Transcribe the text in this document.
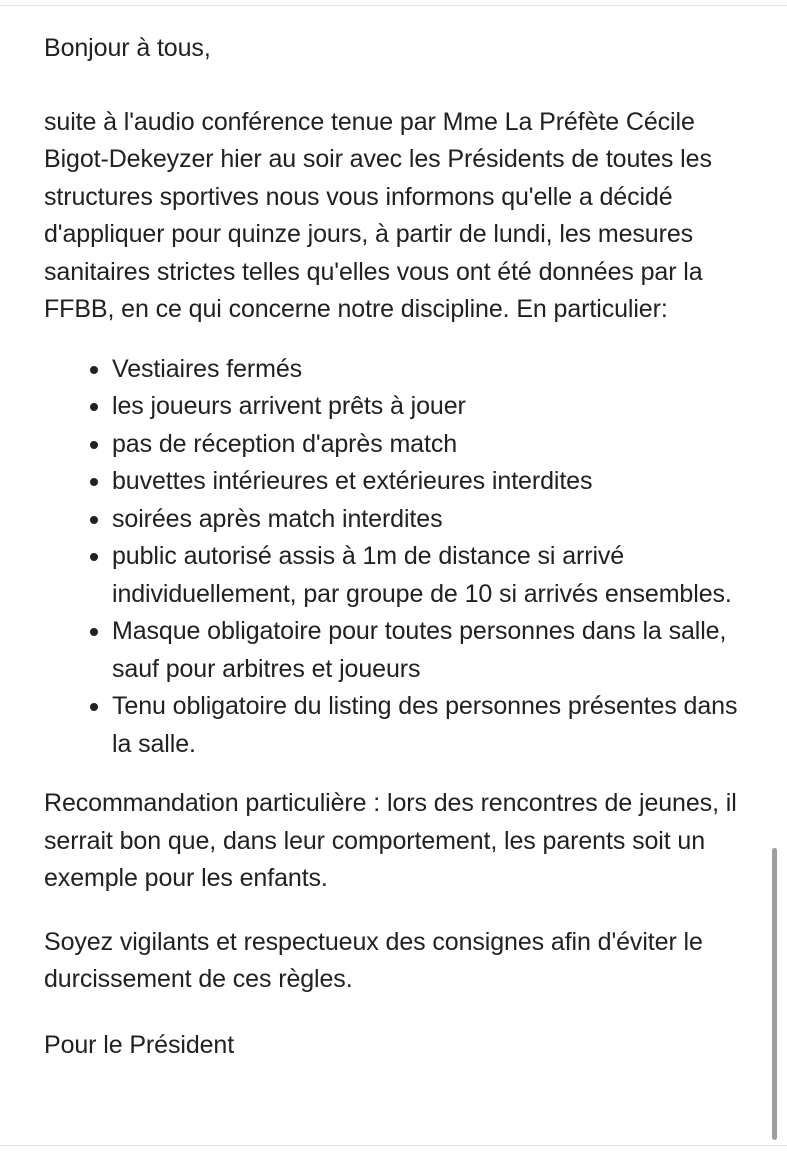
Bonjour à tous,

suite à l'audio conférence tenue par Mme La Préfète Cécile Bigot-Dekeyzer hier au soir avec les Présidents de toutes les structures sportives nous vous informons qu'elle a décidé d'appliquer pour quinze jours, à partir de lundi, les mesures sanitaires strictes telles qu'elles vous ont été données par la FFBB, en ce qui concerne notre discipline. En particulier:

Vestiaires fermés
les joueurs arrivent prêts à jouer
pas de réception d'après match
buvettes intérieures et extérieures interdites
soirées après match interdites
public autorisé assis à 1m de distance si arrivé individuellement, par groupe de 10 si arrivés ensembles.
Masque obligatoire pour toutes personnes dans la salle, sauf pour arbitres et joueurs
Tenu obligatoire du listing des personnes présentes dans la salle.

Recommandation particulière : lors des rencontres de jeunes, il serrait bon que, dans leur comportement, les parents soit un exemple pour les enfants.

Soyez vigilants et respectueux des consignes afin d'éviter le durcissement de ces règles.

Pour le Président
